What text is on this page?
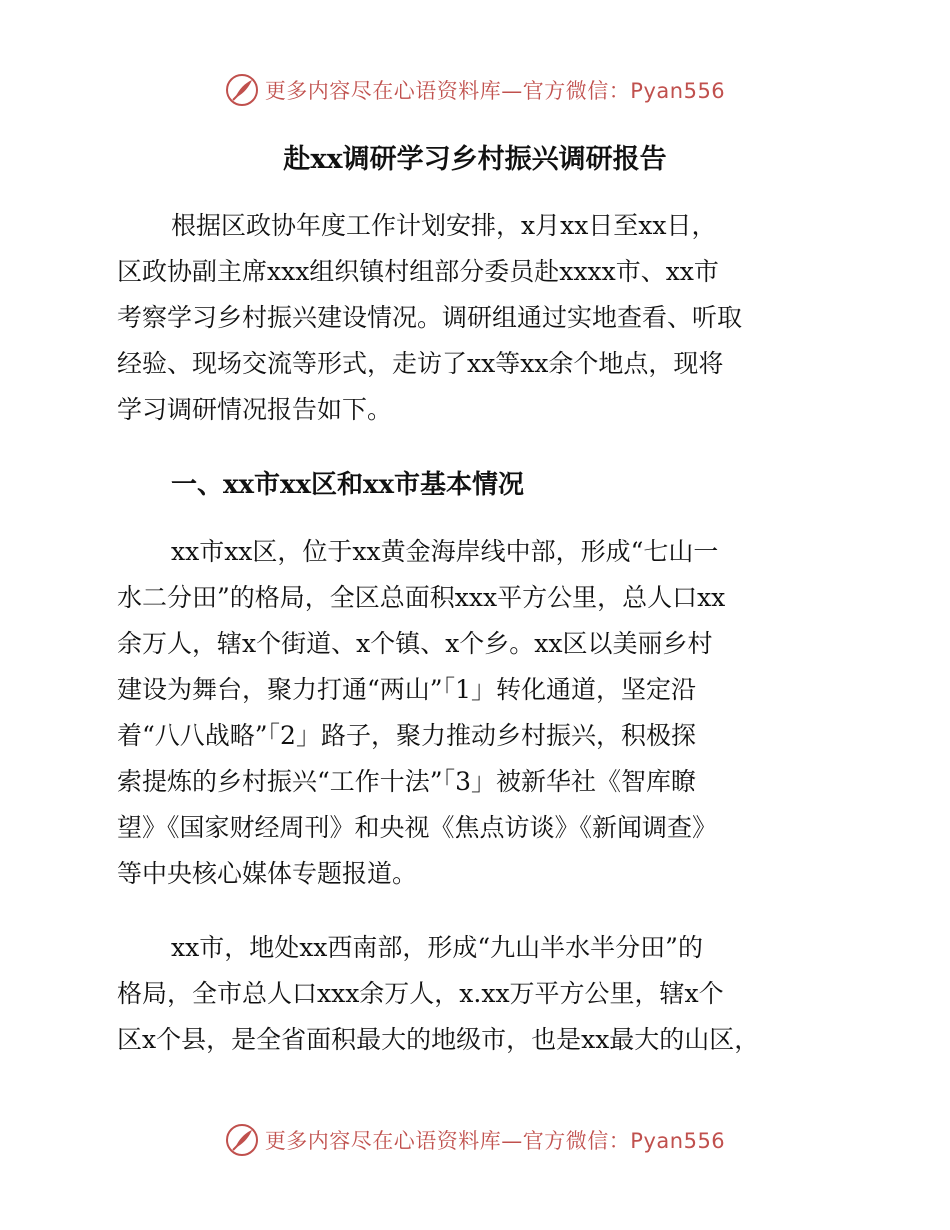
更多内容尽在心语资料库—官方微信：Pyan556
赴xx调研学习乡村振兴调研报告

根据区政协年度工作计划安排，x月xx日至xx日，
区政协副主席xxx组织镇村组部分委员赴xxxx市、xx市
考察学习乡村振兴建设情况。调研组通过实地查看、听取
经验、现场交流等形式，走访了xx等xx余个地点，现将
学习调研情况报告如下。

一、xx市xx区和xx市基本情况

xx市xx区，位于xx黄金海岸线中部，形成“七山一
水二分田”的格局，全区总面积xxx平方公里，总人口xx
余万人，辖x个街道、x个镇、x个乡。xx区以美丽乡村
建设为舞台，聚力打通“两山”「1」转化通道，坚定沿
着“八八战略”「2」路子，聚力推动乡村振兴，积极探
索提炼的乡村振兴“工作十法”「3」被新华社《智库瞭
望》《国家财经周刊》和央视《焦点访谈》《新闻调查》
等中央核心媒体专题报道。

xx市，地处xx西南部，形成“九山半水半分田”的
格局，全市总人口xxx余万人，x.xx万平方公里，辖x个
区x个县，是全省面积最大的地级市，也是xx最大的山区，

更多内容尽在心语资料库—官方微信：Pyan556
